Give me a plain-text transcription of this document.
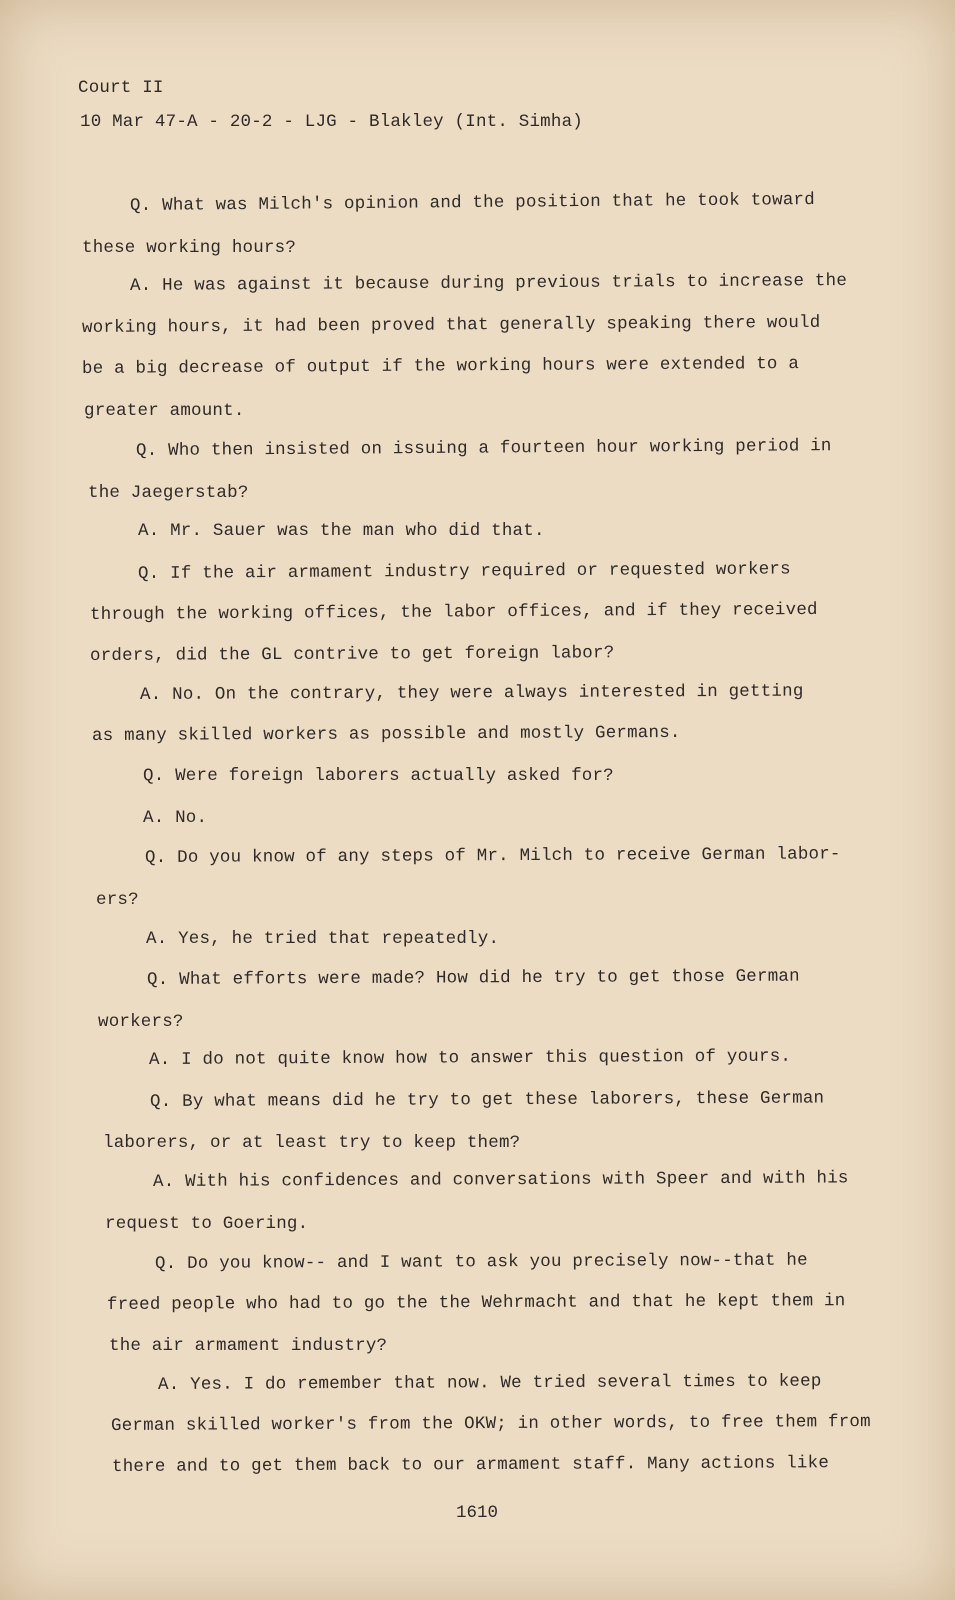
Court II
10 Mar 47-A - 20-2 - LJG - Blakley (Int. Simha)
Q. What was Milch's opinion and the position that he took toward
these working hours?
A. He was against it because during previous trials to increase the
working hours, it had been proved that generally speaking there would
be a big decrease of output if the working hours were extended to a
greater amount.
Q. Who then insisted on issuing a fourteen hour working period in
the Jaegerstab?
A. Mr. Sauer was the man who did that.
Q. If the air armament industry required or requested workers
through the working offices, the labor offices, and if they received
orders, did the GL contrive to get foreign labor?
A. No. On the contrary, they were always interested in getting
as many skilled workers as possible and mostly Germans.
Q. Were foreign laborers actually asked for?
A. No.
Q. Do you know of any steps of Mr. Milch to receive German labor-
ers?
A. Yes, he tried that repeatedly.
Q. What efforts were made? How did he try to get those German
workers?
A. I do not quite know how to answer this question of yours.
Q. By what means did he try to get these laborers, these German
laborers, or at least try to keep them?
A. With his confidences and conversations with Speer and with his
request to Goering.
Q. Do you know-- and I want to ask you precisely now--that he
freed people who had to go the the Wehrmacht and that he kept them in
the air armament industry?
A. Yes. I do remember that now. We tried several times to keep
German skilled worker's from the OKW; in other words, to free them from
there and to get them back to our armament staff. Many actions like
1610
